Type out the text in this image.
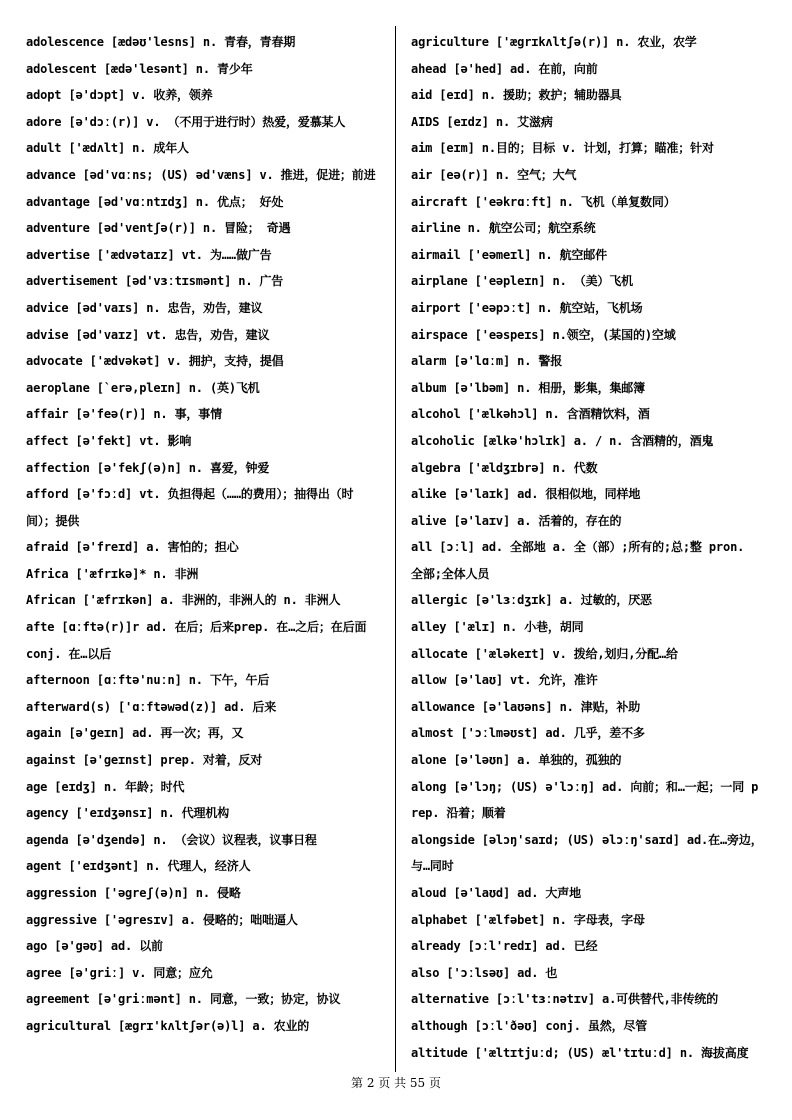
adolescence [ædəʊ'lesns] n. 青春，青春期
adolescent [ædə'lesənt] n. 青少年
adopt [ə'dɔpt] v. 收养，领养
adore [ə'dɔː(r)] v. （不用于进行时）热爱，爱慕某人
adult ['ædʌlt] n. 成年人
advance [əd'vɑːns; (US) əd'væns] v. 推进，促进；前进
advantage [əd'vɑːntɪdʒ] n. 优点； 好处
adventure [əd'ventʃə(r)] n. 冒险； 奇遇
advertise ['ædvətaɪz] vt. 为……做广告
advertisement [əd'vɜːtɪsmənt] n. 广告
advice [əd'vaɪs] n. 忠告，劝告，建议
advise [əd'vaɪz] vt. 忠告，劝告，建议
advocate ['ædvəkət] v. 拥护，支持，提倡
aeroplane [`erə,pleɪn] n. (英)飞机
affair [ə'feə(r)] n. 事，事情
affect [ə'fekt] vt. 影响
affection [ə'fekʃ(ə)n] n. 喜爱，钟爱
afford [ə'fɔːd] vt. 负担得起（……的费用）；抽得出（时间）；提供
afraid [ə'freɪd] a. 害怕的；担心
Africa ['æfrɪkə]* n. 非洲
African ['æfrɪkən] a. 非洲的，非洲人的 n. 非洲人
afte [ɑːftə(r)]r ad. 在后；后来prep. 在…之后；在后面 conj. 在…以后
afternoon [ɑːftə'nuːn] n. 下午，午后
afterward(s) ['ɑːftəwəd(z)] ad. 后来
again [ə'geɪn] ad. 再一次；再，又
against [ə'geɪnst] prep. 对着，反对
age [eɪdʒ] n. 年龄；时代
agency ['eɪdʒənsɪ] n. 代理机构
agenda [ə'dʒendə] n. （会议）议程表，议事日程
agent ['eɪdʒənt] n. 代理人，经济人
aggression ['əgreʃ(ə)n] n. 侵略
aggressive ['əgresɪv] a. 侵略的；咄咄逼人
ago [ə'gəʊ] ad. 以前
agree [ə'griː] v. 同意；应允
agreement [ə'griːmənt] n. 同意，一致；协定，协议
agricultural [ægrɪ'kʌltʃər(ə)l] a. 农业的
agriculture ['ægrɪkʌltʃə(r)] n. 农业，农学
ahead [ə'hed] ad. 在前，向前
aid [eɪd] n. 援助；救护；辅助器具
AIDS [eɪdz] n. 艾滋病
aim [eɪm] n.目的；目标 v. 计划，打算；瞄准；针对
air [eə(r)] n. 空气；大气
aircraft ['eəkrɑːft] n. 飞机（单复数同）
airline n. 航空公司；航空系统
airmail ['eəmeɪl] n. 航空邮件
airplane ['eəpleɪn] n. （美）飞机
airport ['eəpɔːt] n. 航空站，飞机场
airspace ['eəspeɪs] n.领空，(某国的)空域
alarm [ə'lɑːm] n. 警报
album [ə'lbəm] n. 相册，影集，集邮簿
alcohol ['ælkəhɔl] n. 含酒精饮料，酒
alcoholic [ælkə'hɔlɪk] a. / n. 含酒精的，酒鬼
algebra ['ældʒɪbrə] n. 代数
alike [ə'laɪk] ad. 很相似地，同样地
alive [ə'laɪv] a. 活着的，存在的
all [ɔːl] ad. 全部地 a. 全（部）;所有的;总;整 pron. 全部;全体人员
allergic [ə'lɜːdʒɪk] a. 过敏的，厌恶
alley ['ælɪ] n. 小巷，胡同
allocate ['æləkeɪt] v. 拨给,划归,分配…给
allow [ə'laʊ] vt. 允许，准许
allowance [ə'laʊəns] n. 津贴，补助
almost ['ɔːlməʊst] ad. 几乎，差不多
alone [ə'ləʊn] a. 单独的，孤独的
along [ə'lɔŋ; (US) ə'lɔːŋ] ad. 向前；和…一起；一同 prep. 沿着；顺着
alongside [əlɔŋ'saɪd; (US) əlɔːŋ'saɪd] ad.在…旁边，与…同时
aloud [ə'laʊd] ad. 大声地
alphabet ['ælfəbet] n. 字母表，字母
already [ɔːl'redɪ] ad. 已经
also ['ɔːlsəʊ] ad. 也
alternative [ɔːl'tɜːnətɪv] a.可供替代,非传统的
although [ɔːl'ðəʊ] conj. 虽然，尽管
altitude ['æltɪtjuːd; (US) æl'tɪtuːd] n. 海拔高度
第 2 页 共 55 页
